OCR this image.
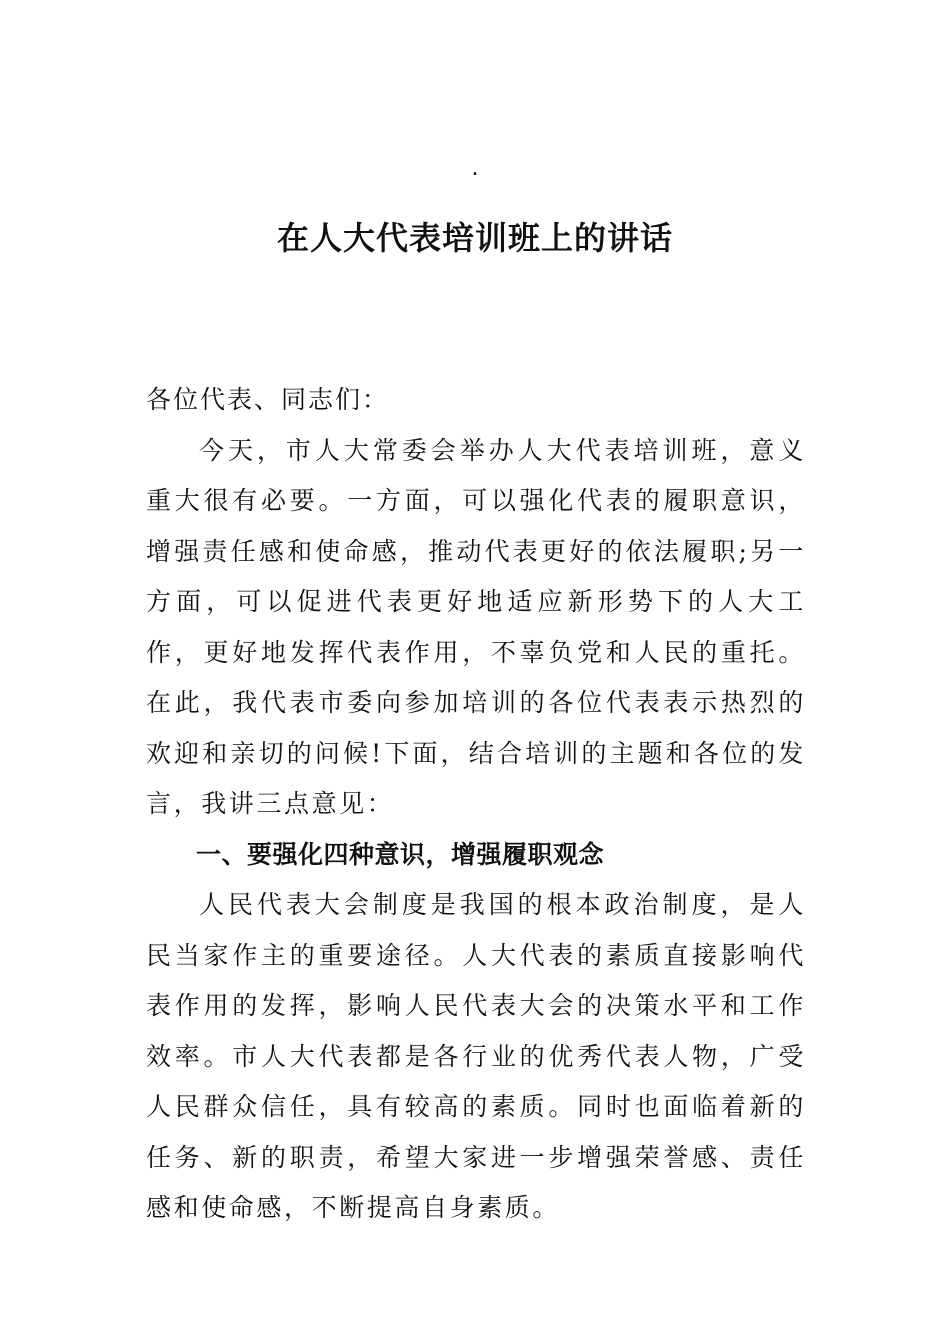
.
在人大代表培训班上的讲话

各位代表、同志们：

今天，市人大常委会举办人大代表培训班，意义重大很有必要。一方面，可以强化代表的履职意识，增强责任感和使命感，推动代表更好的依法履职;另一方面，可以促进代表更好地适应新形势下的人大工作，更好地发挥代表作用，不辜负党和人民的重托。在此，我代表市委向参加培训的各位代表表示热烈的欢迎和亲切的问候!下面，结合培训的主题和各位的发言，我讲三点意见：

一、要强化四种意识，增强履职观念

人民代表大会制度是我国的根本政治制度，是人民当家作主的重要途径。人大代表的素质直接影响代表作用的发挥，影响人民代表大会的决策水平和工作效率。市人大代表都是各行业的优秀代表人物，广受人民群众信任，具有较高的素质。同时也面临着新的任务、新的职责，希望大家进一步增强荣誉感、责任感和使命感，不断提高自身素质。
